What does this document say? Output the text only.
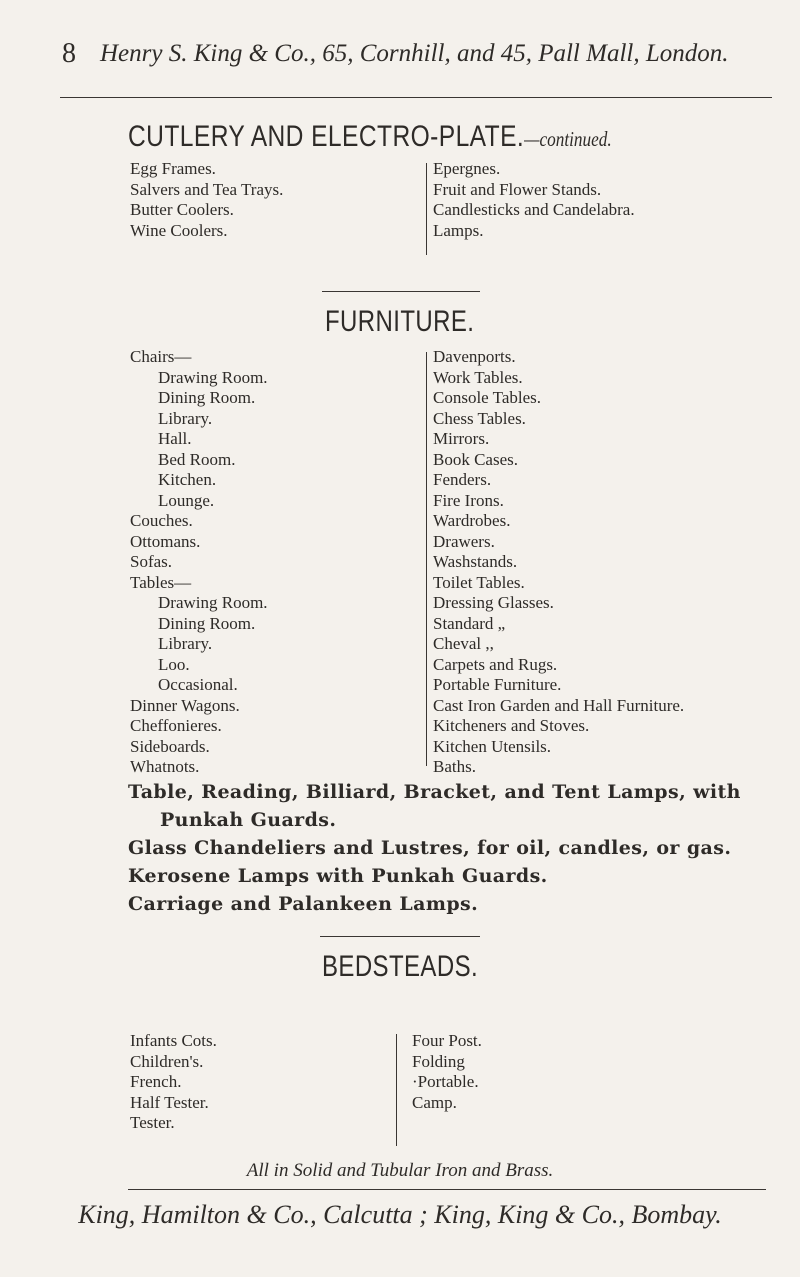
8 Henry S. King & Co., 65, Cornhill, and 45, Pall Mall, London.
CUTLERY AND ELECTRO-PLATE.—continued.
Egg Frames.
Salvers and Tea Trays.
Butter Coolers.
Wine Coolers.
Epergnes.
Fruit and Flower Stands.
Candlesticks and Candelabra.
Lamps.
FURNITURE.
Chairs—
Drawing Room.
Dining Room.
Library.
Hall.
Bed Room.
Kitchen.
Lounge.
Couches.
Ottomans.
Sofas.
Tables—
Drawing Room.
Dining Room.
Library.
Loo.
Occasional.
Dinner Wagons.
Cheffonieres.
Sideboards.
Whatnots.
Davenports.
Work Tables.
Console Tables.
Chess Tables.
Mirrors.
Book Cases.
Fenders.
Fire Irons.
Wardrobes.
Drawers.
Washstands.
Toilet Tables.
Dressing Glasses.
Standard „
Cheval ,,
Carpets and Rugs.
Portable Furniture.
Cast Iron Garden and Hall Furniture.
Kitcheners and Stoves.
Kitchen Utensils.
Baths.
Table, Reading, Billiard, Bracket, and Tent Lamps, with
Punkah Guards.
Glass Chandeliers and Lustres, for oil, candles, or gas.
Kerosene Lamps with Punkah Guards.
Carriage and Palankeen Lamps.
BEDSTEADS.
Infants Cots.
Children's.
French.
Half Tester.
Tester.
Four Post.
Folding
·Portable.
Camp.
All in Solid and Tubular Iron and Brass.
King, Hamilton & Co., Calcutta ; King, King & Co., Bombay.
